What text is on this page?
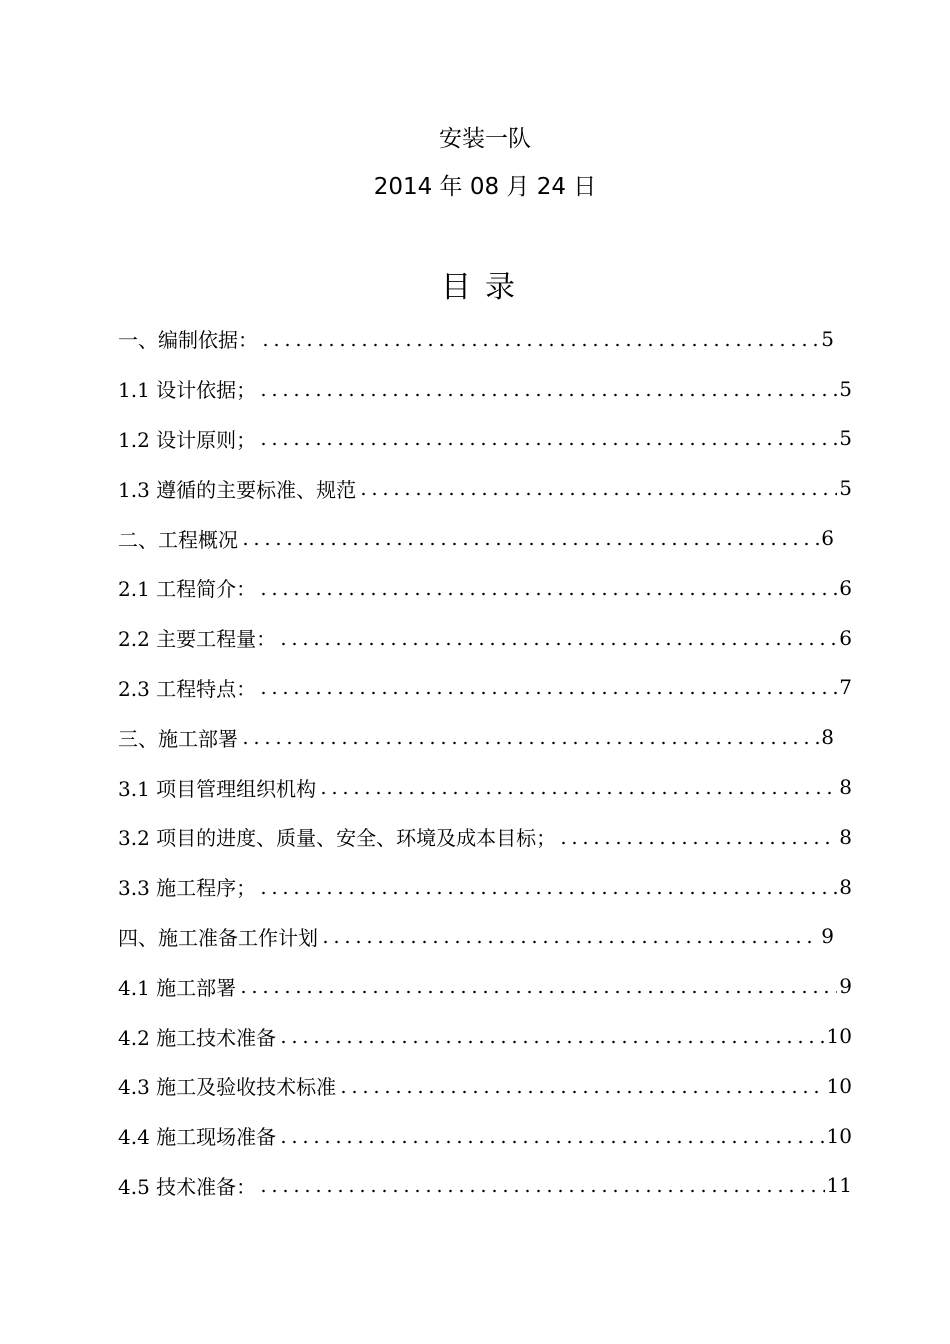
安装一队
2014 年 08 月 24 日
目录
一、编制依据：	5
1.1 设计依据；	5
1.2 设计原则；	5
1.3 遵循的主要标准、规范	5
二、工程概况	6
2.1 工程简介：	6
2.2 主要工程量：	6
2.3 工程特点：	7
三、施工部署	8
3.1 项目管理组织机构	8
3.2 项目的进度、质量、安全、环境及成本目标；	8
3.3 施工程序；	8
四、施工准备工作计划	9
4.1 施工部署	9
4.2 施工技术准备	10
4.3 施工及验收技术标准	10
4.4 施工现场准备	10
4.5 技术准备：	11
